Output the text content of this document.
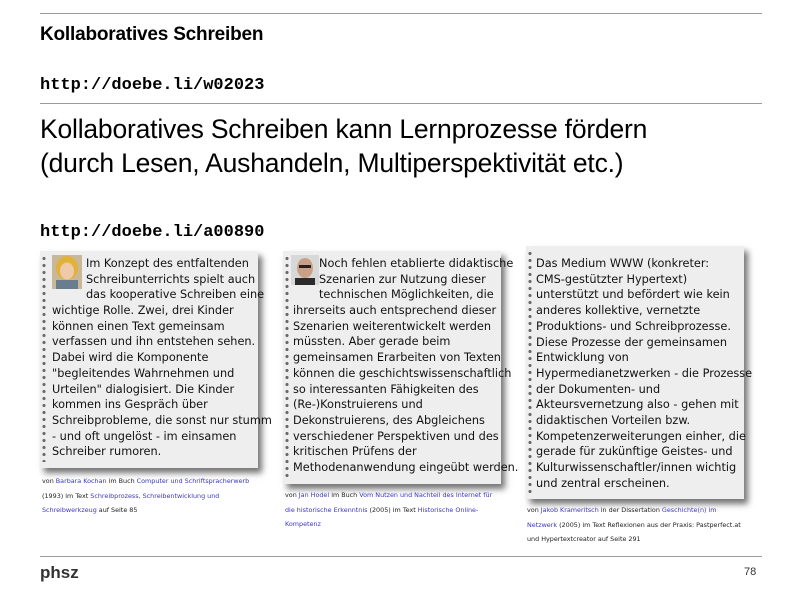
Kollaboratives Schreiben
http://doebe.li/w02023
Kollaboratives Schreiben kann Lernprozesse fördern
(durch Lesen, Aushandeln, Multiperspektivität etc.)
http://doebe.li/a00890
Im Konzept des entfaltenden
Schreibunterrichts spielt auch
das kooperative Schreiben eine
wichtige Rolle. Zwei, drei Kinder
können einen Text gemeinsam
verfassen und ihn entstehen sehen.
Dabei wird die Komponente
"begleitendes Wahrnehmen und
Urteilen" dialogisiert. Die Kinder
kommen ins Gespräch über
Schreibprobleme, die sonst nur stumm
- und oft ungelöst - im einsamen
Schreiber rumoren.
von Barbara Kochan im Buch Computer und Schriftspracherwerb
(1993) im Text Schreibprozess, Schreibentwicklung und
Schreibwerkzeug auf Seite 85
Noch fehlen etablierte didaktische
Szenarien zur Nutzung dieser
technischen Möglichkeiten, die
ihrerseits auch entsprechend dieser
Szenarien weiterentwickelt werden
müssten. Aber gerade beim
gemeinsamen Erarbeiten von Texten
können die geschichtswissenschaftlich
so interessanten Fähigkeiten des
(Re-)Konstruierens und
Dekonstruierens, des Abgleichens
verschiedener Perspektiven und des
kritischen Prüfens der
Methodenanwendung eingeübt werden.
von Jan Hodel im Buch Vom Nutzen und Nachteil des Internet für
die historische Erkenntnis (2005) im Text Historische Online-
Kompetenz
Das Medium WWW (konkreter:
CMS-gestützter Hypertext)
unterstützt und befördert wie kein
anderes kollektive, vernetzte
Produktions- und Schreibprozesse.
Diese Prozesse der gemeinsamen
Entwicklung von
Hypermedianetzwerken - die Prozesse
der Dokumenten- und
Akteursvernetzung also - gehen mit
didaktischen Vorteilen bzw.
Kompetenzerweiterungen einher, die
gerade für zukünftige Geistes- und
Kulturwissenschaftler/innen wichtig
und zentral erscheinen.
von Jakob Krameritsch in der Dissertation Geschichte(n) im
Netzwerk (2005) im Text Reflexionen aus der Praxis: Pastperfect.at
und Hypertextcreator auf Seite 291
phsz	78
